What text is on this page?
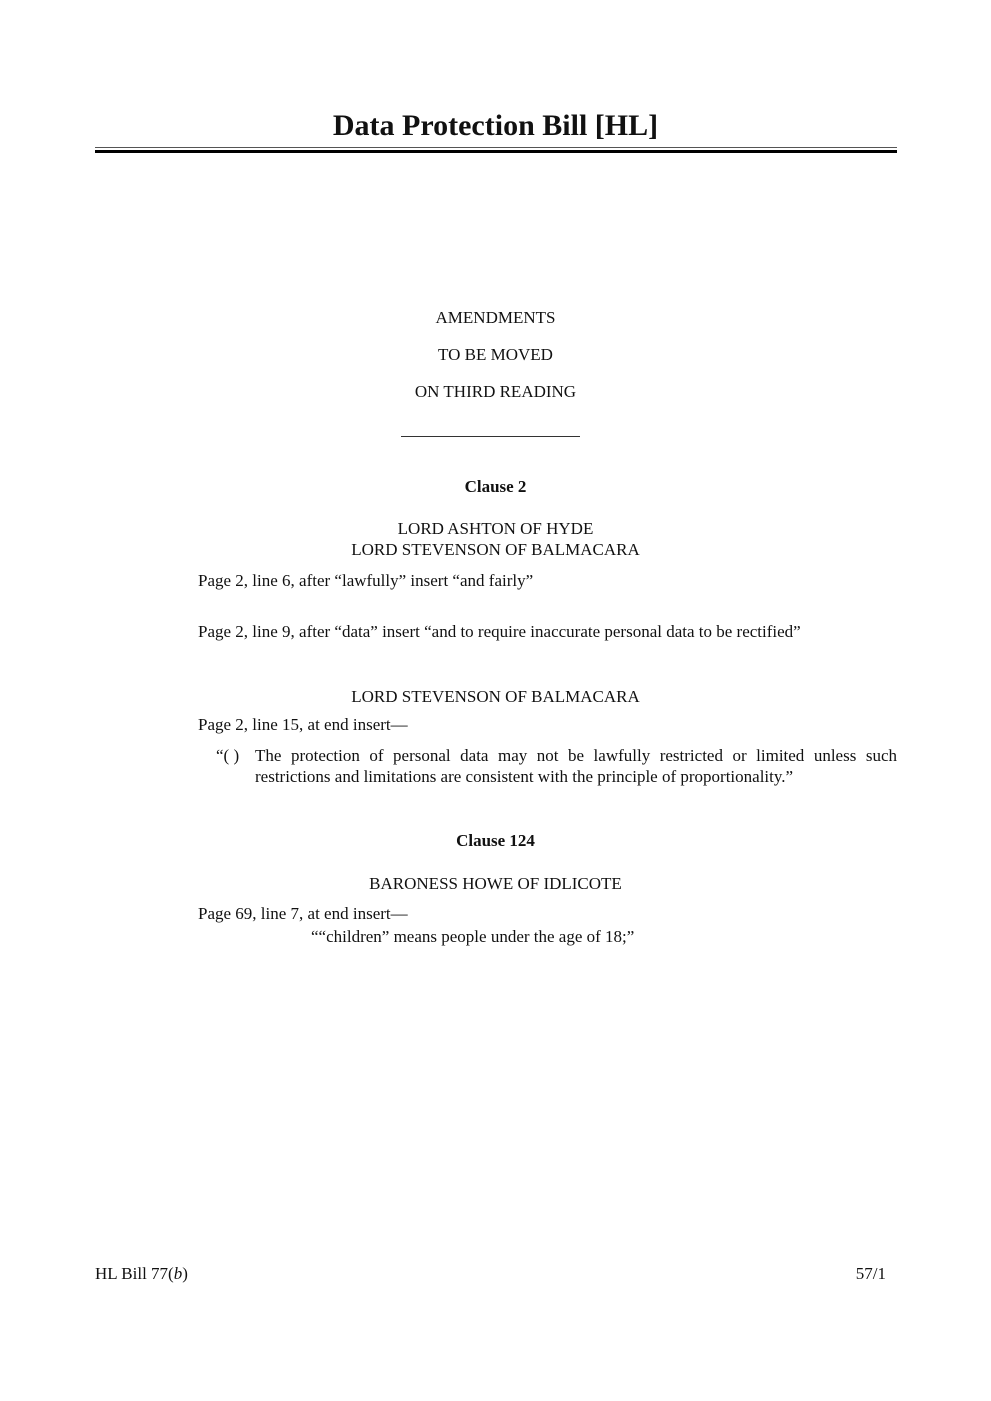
Data Protection Bill [HL]
AMENDMENTS
TO BE MOVED
ON THIRD READING
Clause 2
LORD ASHTON OF HYDE
LORD STEVENSON OF BALMACARA
Page 2, line 6, after “lawfully” insert “and fairly”
Page 2, line 9, after “data” insert “and to require inaccurate personal data to be rectified”
LORD STEVENSON OF BALMACARA
Page 2, line 15, at end insert—
“( ) The protection of personal data may not be lawfully restricted or limited unless such restrictions and limitations are consistent with the principle of proportionality.”
Clause 124
BARONESS HOWE OF IDLICOTE
Page 69, line 7, at end insert—
““children” means people under the age of 18;”
HL Bill 77(b)	57/1
